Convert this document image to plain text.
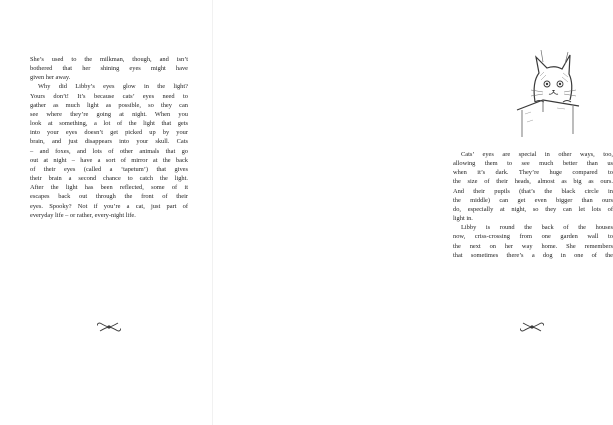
She’s used to the milkman, though, and isn’t

bothered that her shining eyes might have

given her away.

Why did Libby’s eyes glow in the light?

Yours don’t! It’s because cats’ eyes need to

gather as much light as possible, so they can

see where they’re going at night. When you

look at something, a lot of the light that gets

into your eyes doesn’t get picked up by your

brain, and just disappears into your skull. Cats

– and foxes, and lots of other animals that go

out at night – have a sort of mirror at the back

of their eyes (called a ‘tapetum’) that gives

their brain a second chance to catch the light.

After the light has been reflected, some of it

escapes back out through the front of their

eyes. Spooky? Not if you’re a cat, just part of

everyday life – or rather, every-night life.

Cats’ eyes are special in other ways, too,

allowing them to see much better than us

when it’s dark. They’re huge compared to

the size of their heads, almost as big as ours.

And their pupils (that’s the black circle in

the middle) can get even bigger than ours

do, especially at night, so they can let lots of

light in.

Libby is round the back of the houses

now, criss-crossing from one garden wall to

the next on her way home. She remembers

that sometimes there’s a dog in one of the
